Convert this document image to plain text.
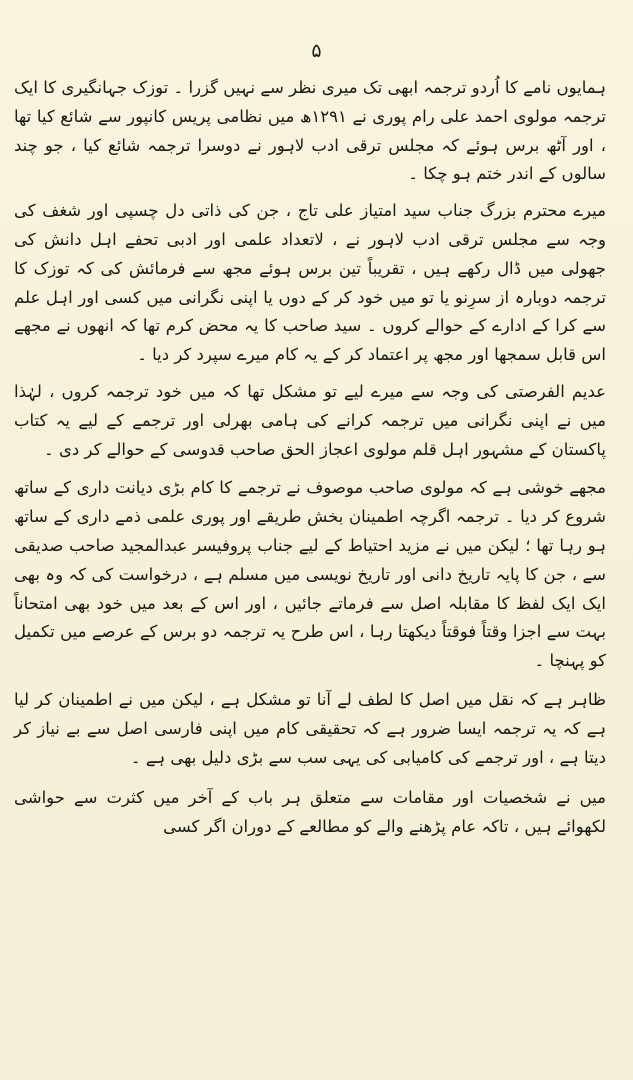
۵

ہمایوں نامے کا اُردو ترجمہ ابھی تک میری نظر سے نہیں گزرا ۔ توزک جہانگیری کا ایک ترجمہ مولوی احمد علی رام پوری نے ۱۲۹۱ھ میں نظامی پریس کانپور سے شائع کیا تھا ، اور آٹھ برس ہوئے کہ مجلس ترقی ادب لاہور نے دوسرا ترجمہ شائع کیا ، جو چند سالوں کے اندر ختم ہو چکا ۔

میرے محترم بزرگ جناب سید امتیاز علی تاج ، جن کی ذاتی دل چسپی اور شغف کی وجہ سے مجلس ترقی ادب لاہور نے ، لاتعداد علمی اور ادبی تحفے اہل دانش کی جھولی میں ڈال رکھے ہیں ، تقریباً تین برس ہوئے مجھ سے فرمائش کی کہ توزک کا ترجمہ دوبارہ از سرِنو یا تو میں خود کر کے دوں یا اپنی نگرانی میں کسی اور اہل علم سے کرا کے ادارے کے حوالے کروں ۔ سید صاحب کا یہ محض کرم تھا کہ انھوں نے مجھے اس قابل سمجھا اور مجھ پر اعتماد کر کے یہ کام میرے سپرد کر دیا ۔

عدیم الفرصتی کی وجہ سے میرے لیے تو مشکل تھا کہ میں خود ترجمہ کروں ، لہٰذا میں نے اپنی نگرانی میں ترجمہ کرانے کی ہامی بھرلی اور ترجمے کے لیے یہ کتاب پاکستان کے مشہور اہل قلم مولوی اعجاز الحق صاحب قدوسی کے حوالے کر دی ۔

مجھے خوشی ہے کہ مولوی صاحب موصوف نے ترجمے کا کام بڑی دیانت داری کے ساتھ شروع کر دیا ۔ ترجمہ اگرچہ اطمینان بخش طریقے اور پوری علمی ذمے داری کے ساتھ ہو رہا تھا ؛ لیکن میں نے مزید احتیاط کے لیے جناب پروفیسر عبدالمجید صاحب صدیقی سے ، جن کا پایہ تاریخ دانی اور تاریخ نویسی میں مسلم ہے ، درخواست کی کہ وہ بھی ایک ایک لفظ کا مقابلہ اصل سے فرماتے جائیں ، اور اس کے بعد میں خود بھی امتحاناً بہت سے اجزا وقتاً فوقتاً دیکھتا رہا ، اس طرح یہ ترجمہ دو برس کے عرصے میں تکمیل کو پہنچا ۔

ظاہر ہے کہ نقل میں اصل کا لطف لے آنا تو مشکل ہے ، لیکن میں نے اطمینان کر لیا ہے کہ یہ ترجمہ ایسا ضرور ہے کہ تحقیقی کام میں اپنی فارسی اصل سے بے نیاز کر دیتا ہے ، اور ترجمے کی کامیابی کی یہی سب سے بڑی دلیل بھی ہے ۔

میں نے شخصیات اور مقامات سے متعلق ہر باب کے آخر میں کثرت سے حواشی لکھوائے ہیں ، تاکہ عام پڑھنے والے کو مطالعے کے دوران اگر کسی
